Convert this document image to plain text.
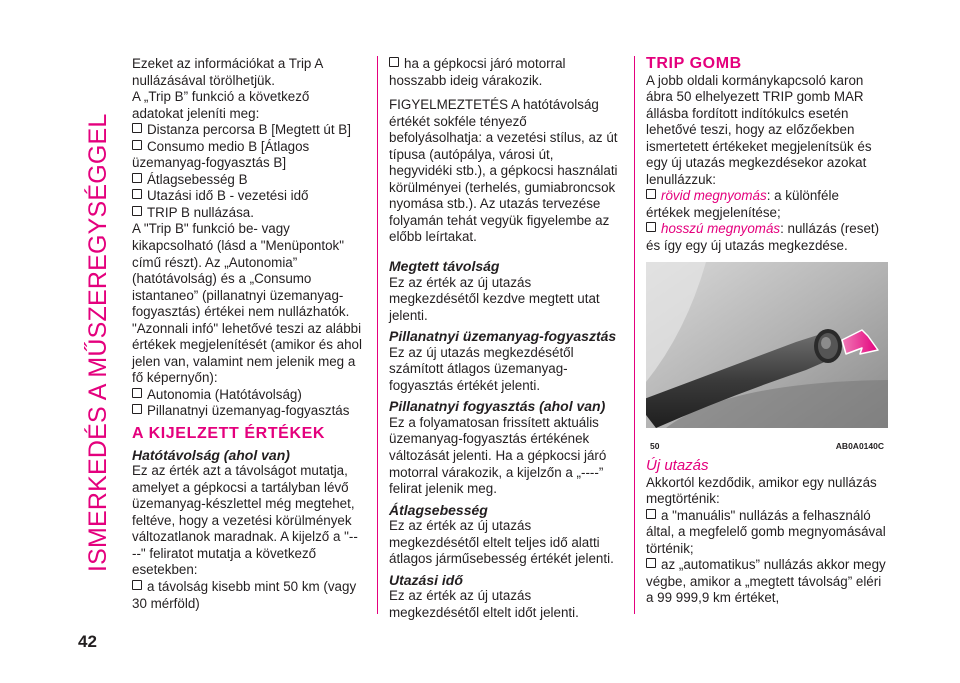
ISMERKEDÉS A MŰSZEREGYSÉGGEL
42

Ezeket az információkat a Trip A nullázásával törölhetjük.

A „Trip B” funkció a következő adatokat jeleníti meg:

Distanza percorsa B [Megtett út B]
Consumo medio B [Átlagos üzemanyag-fogyasztás B]
Átlagsebesség B
Utazási idő B - vezetési idő
TRIP B nullázása.

A "Trip B" funkció be- vagy kikapcsolható (lásd a "Menüpontok" című részt). Az „Autonomia” (hatótávolság) és a „Consumo istantaneo” (pillanatnyi üzemanyag-fogyasztás) értékei nem nullázhatók. "Azonnali infó" lehetővé teszi az alábbi értékek megjelenítését (amikor és ahol jelen van, valamint nem jelenik meg a fő képernyőn):

Autonomia (Hatótávolság)
Pillanatnyi üzemanyag-fogyasztás
A KIJELZETT ÉRTÉKEK
Hatótávolság (ahol van)

Ez az érték azt a távolságot mutatja, amelyet a gépkocsi a tartályban lévő üzemanyag-készlettel még megtehet, feltéve, hogy a vezetési körülmények változatlanok maradnak. A kijelző a "----" feliratot mutatja a következő esetekben:

a távolság kisebb mint 50 km (vagy 30 mérföld)
ha a gépkocsi járó motorral hosszabb ideig várakozik.

FIGYELMEZTETÉS A hatótávolság értékét sokféle tényező befolyásolhatja: a vezetési stílus, az út típusa (autópálya, városi út, hegyvidéki stb.), a gépkocsi használati körülményei (terhelés, gumiabroncsok nyomása stb.). Az utazás tervezése folyamán tehát vegyük figyelembe az előbb leírtakat.

Megtett távolság

Ez az érték az új utazás megkezdésétől kezdve megtett utat jelenti.

Pillanatnyi üzemanyag-fogyasztás

Ez az új utazás megkezdésétől számított átlagos üzemanyag-fogyasztás értékét jelenti.

Pillanatnyi fogyasztás (ahol van)

Ez a folyamatosan frissített aktuális üzemanyag-fogyasztás értékének változását jelenti. Ha a gépkocsi járó motorral várakozik, a kijelzőn a „----” felirat jelenik meg.

Átlagsebesség

Ez az érték az új utazás megkezdésétől eltelt teljes idő alatti átlagos járműsebesség értékét jelenti.

Utazási idő

Ez az érték az új utazás megkezdésétől eltelt időt jelenti.

TRIP GOMB

A jobb oldali kormánykapcsoló karon ábra 50 elhelyezett TRIP gomb MAR állásba fordított indítókulcs esetén lehetővé teszi, hogy az előzőekben ismertetett értékeket megjelenítsük és egy új utazás megkezdésekor azokat lenullázzuk:

rövid megnyomás: a különféle értékek megjelenítése;
hosszú megnyomás: nullázás (reset) és így egy új utazás megkezdése.
50	AB0A0140C
Új utazás

Akkortól kezdődik, amikor egy nullázás megtörténik:

a "manuális" nullázás a felhasználó által, a megfelelő gomb megnyomásával történik;
az „automatikus” nullázás akkor megy végbe, amikor a „megtett távolság” eléri a 99 999,9 km értéket,
